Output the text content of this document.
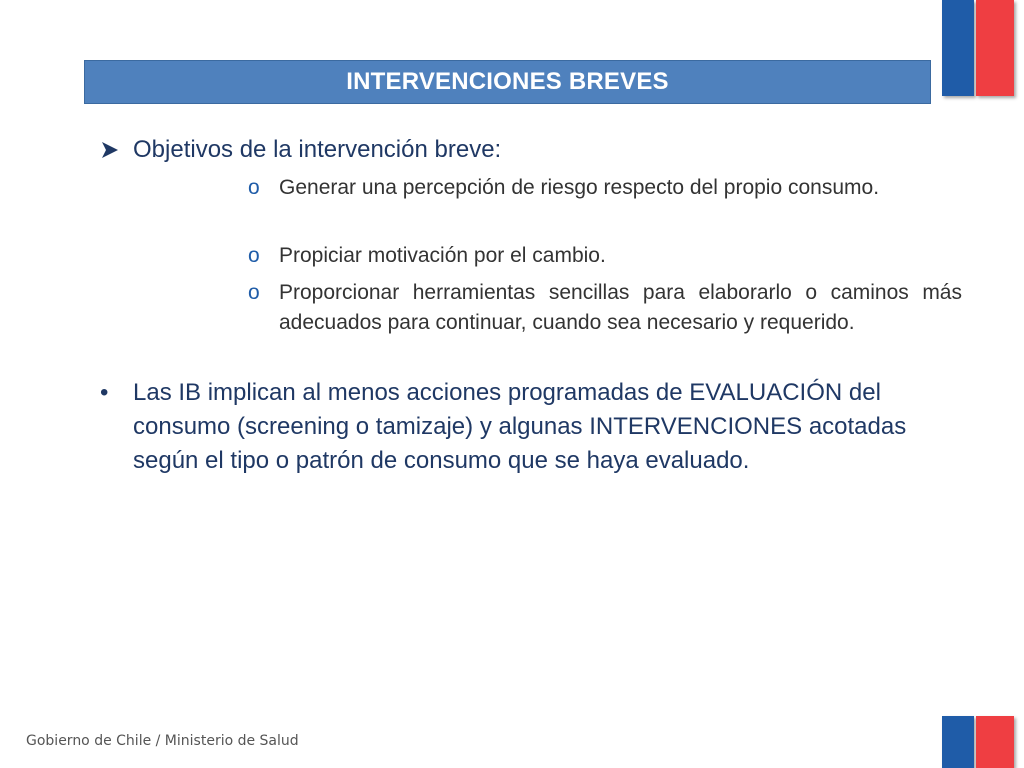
INTERVENCIONES BREVES
Objetivos de la intervención breve:
o Generar una percepción de riesgo respecto del propio consumo.
o Propiciar motivación por el cambio.
o Proporcionar herramientas sencillas para elaborarlo o caminos más adecuados para continuar, cuando sea necesario y requerido.
• Las IB implican al menos acciones programadas de EVALUACIÓN del consumo (screening o tamizaje) y algunas INTERVENCIONES acotadas según el tipo o patrón de consumo que se haya evaluado.
Gobierno de Chile / Ministerio de Salud
